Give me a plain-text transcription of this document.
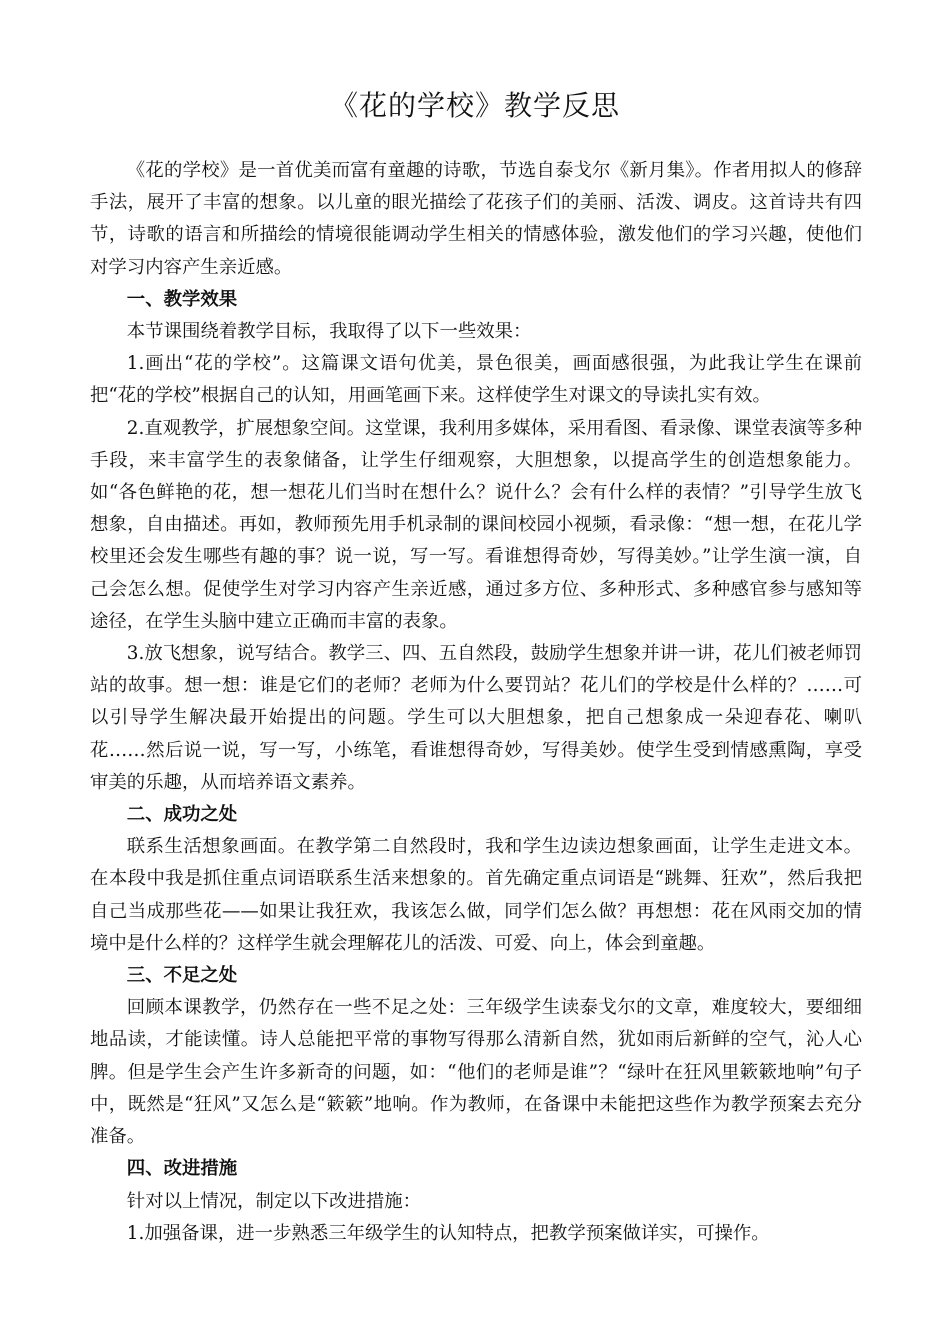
《花的学校》教学反思

《花的学校》是一首优美而富有童趣的诗歌，节选自泰戈尔《新月集》。作者用拟人的修辞手法，展开了丰富的想象。以儿童的眼光描绘了花孩子们的美丽、活泼、调皮。这首诗共有四节，诗歌的语言和所描绘的情境很能调动学生相关的情感体验，激发他们的学习兴趣，使他们对学习内容产生亲近感。

一、教学效果

本节课围绕着教学目标，我取得了以下一些效果：

1.画出“花的学校”。这篇课文语句优美，景色很美，画面感很强，为此我让学生在课前把“花的学校”根据自己的认知，用画笔画下来。这样使学生对课文的导读扎实有效。

2.直观教学，扩展想象空间。这堂课，我利用多媒体，采用看图、看录像、课堂表演等多种手段，来丰富学生的表象储备，让学生仔细观察，大胆想象，以提高学生的创造想象能力。如“各色鲜艳的花，想一想花儿们当时在想什么？说什么？会有什么样的表情？”引导学生放飞想象，自由描述。再如，教师预先用手机录制的课间校园小视频，看录像：“想一想，在花儿学校里还会发生哪些有趣的事？说一说，写一写。看谁想得奇妙，写得美妙。”让学生演一演，自己会怎么想。促使学生对学习内容产生亲近感，通过多方位、多种形式、多种感官参与感知等途径，在学生头脑中建立正确而丰富的表象。

3.放飞想象，说写结合。教学三、四、五自然段，鼓励学生想象并讲一讲，花儿们被老师罚站的故事。想一想：谁是它们的老师？老师为什么要罚站？花儿们的学校是什么样的？……可以引导学生解决最开始提出的问题。学生可以大胆想象，把自己想象成一朵迎春花、喇叭花……然后说一说，写一写，小练笔，看谁想得奇妙，写得美妙。使学生受到情感熏陶，享受审美的乐趣，从而培养语文素养。

二、成功之处

联系生活想象画面。在教学第二自然段时，我和学生边读边想象画面，让学生走进文本。在本段中我是抓住重点词语联系生活来想象的。首先确定重点词语是“跳舞、狂欢”，然后我把自己当成那些花——如果让我狂欢，我该怎么做，同学们怎么做？再想想：花在风雨交加的情境中是什么样的？这样学生就会理解花儿的活泼、可爱、向上，体会到童趣。

三、不足之处

回顾本课教学，仍然存在一些不足之处：三年级学生读泰戈尔的文章，难度较大，要细细地品读，才能读懂。诗人总能把平常的事物写得那么清新自然，犹如雨后新鲜的空气，沁人心脾。但是学生会产生许多新奇的问题，如：“他们的老师是谁”？“绿叶在狂风里簌簌地响”句子中，既然是“狂风”又怎么是“簌簌”地响。作为教师，在备课中未能把这些作为教学预案去充分准备。

四、改进措施

针对以上情况，制定以下改进措施：

1.加强备课，进一步熟悉三年级学生的认知特点，把教学预案做详实，可操作。
